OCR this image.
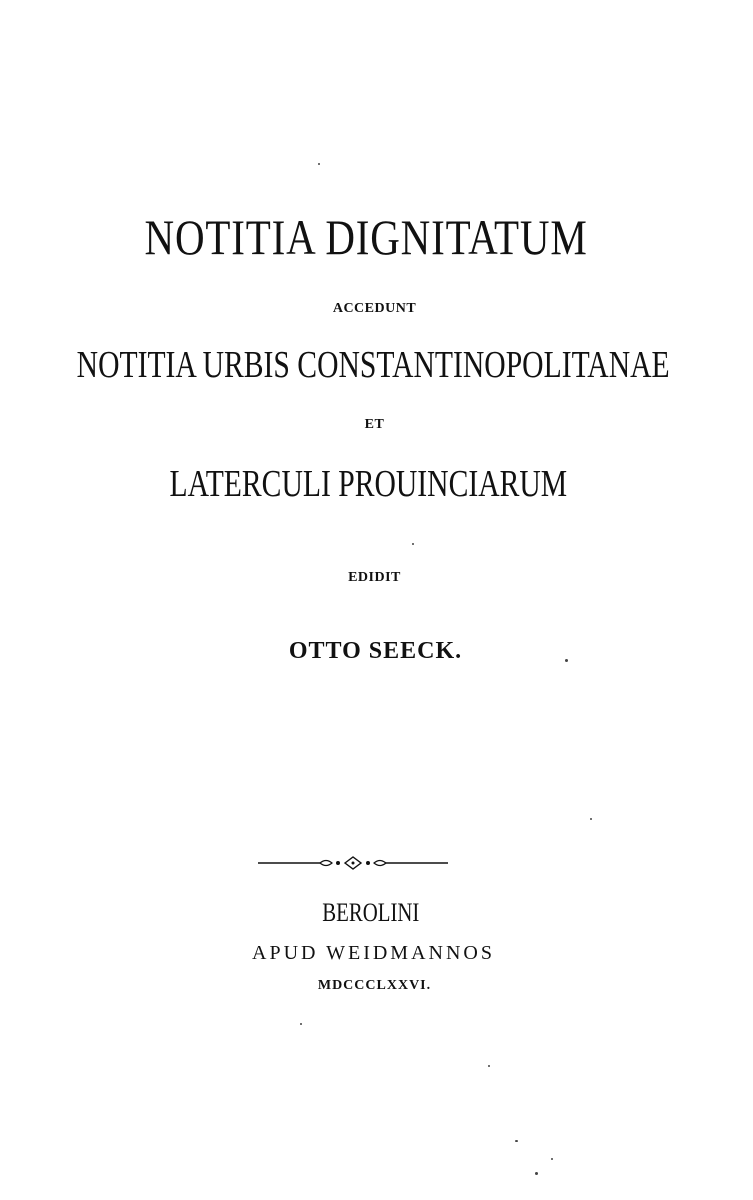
NOTITIA DIGNITATUM
ACCEDUNT
NOTITIA URBIS CONSTANTINOPOLITANAE
ET
LATERCULI PROUINCIARUM
EDIDIT
OTTO SEECK.
BEROLINI
APUD WEIDMANNOS
MDCCCLXXVI.
